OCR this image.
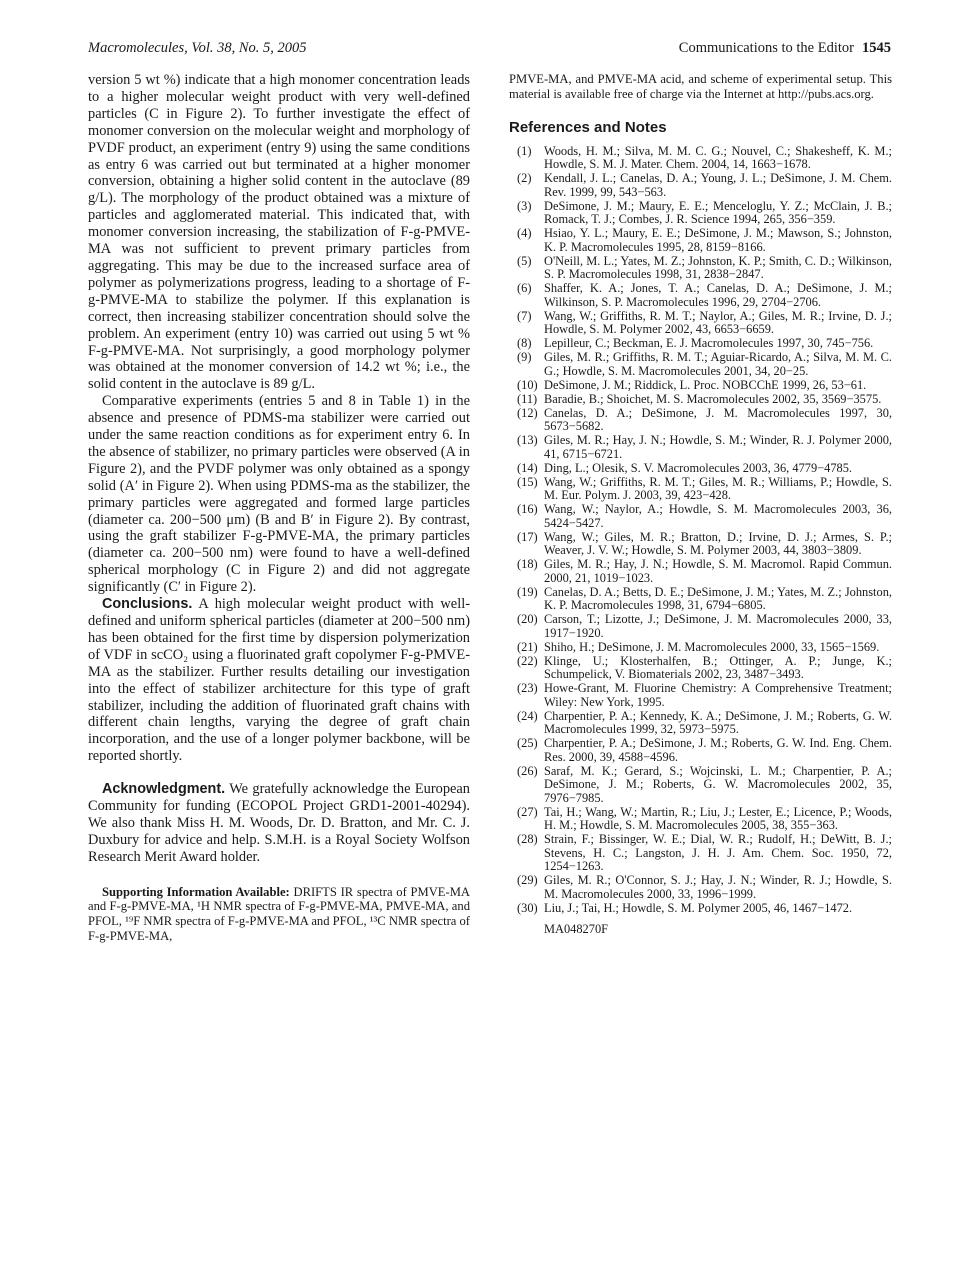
Macromolecules, Vol. 38, No. 5, 2005	Communications to the Editor 1545

version 5 wt %) indicate that a high monomer concentration leads to a higher molecular weight product with very well-defined particles (C in Figure 2). To further investigate the effect of monomer conversion on the molecular weight and morphology of PVDF product, an experiment (entry 9) using the same conditions as entry 6 was carried out but terminated at a higher monomer conversion, obtaining a higher solid content in the autoclave (89 g/L). The morphology of the product obtained was a mixture of particles and agglomerated material. This indicated that, with monomer conversion increasing, the stabilization of F-g-PMVE-MA was not sufficient to prevent primary particles from aggregating. This may be due to the increased surface area of polymer as polymerizations progress, leading to a shortage of F-g-PMVE-MA to stabilize the polymer. If this explanation is correct, then increasing stabilizer concentration should solve the problem. An experiment (entry 10) was carried out using 5 wt % F-g-PMVE-MA. Not surprisingly, a good morphology polymer was obtained at the monomer conversion of 14.2 wt %; i.e., the solid content in the autoclave is 89 g/L.

Comparative experiments (entries 5 and 8 in Table 1) in the absence and presence of PDMS-ma stabilizer were carried out under the same reaction conditions as for experiment entry 6. In the absence of stabilizer, no primary particles were observed (A in Figure 2), and the PVDF polymer was only obtained as a spongy solid (A′ in Figure 2). When using PDMS-ma as the stabilizer, the primary particles were aggregated and formed large particles (diameter ca. 200−500 μm) (B and B′ in Figure 2). By contrast, using the graft stabilizer F-g-PMVE-MA, the primary particles (diameter ca. 200−500 nm) were found to have a well-defined spherical morphology (C in Figure 2) and did not aggregate significantly (C′ in Figure 2).

Conclusions. A high molecular weight product with well-defined and uniform spherical particles (diameter at 200−500 nm) has been obtained for the first time by dispersion polymerization of VDF in scCO₂ using a fluorinated graft copolymer F-g-PMVE-MA as the stabilizer. Further results detailing our investigation into the effect of stabilizer architecture for this type of graft stabilizer, including the addition of fluorinated graft chains with different chain lengths, varying the degree of graft chain incorporation, and the use of a longer polymer backbone, will be reported shortly.

Acknowledgment. We gratefully acknowledge the European Community for funding (ECOPOL Project GRD1-2001-40294). We also thank Miss H. M. Woods, Dr. D. Bratton, and Mr. C. J. Duxbury for advice and help. S.M.H. is a Royal Society Wolfson Research Merit Award holder.

Supporting Information Available: DRIFTS IR spectra of PMVE-MA and F-g-PMVE-MA, ¹H NMR spectra of F-g-PMVE-MA, PMVE-MA, and PFOL, ¹⁹F NMR spectra of F-g-PMVE-MA and PFOL, ¹³C NMR spectra of F-g-PMVE-MA,

PMVE-MA, and PMVE-MA acid, and scheme of experimental setup. This material is available free of charge via the Internet at http://pubs.acs.org.

References and Notes
(1) Woods, H. M.; Silva, M. M. C. G.; Nouvel, C.; Shakesheff, K. M.; Howdle, S. M. J. Mater. Chem. 2004, 14, 1663−1678.
(2) Kendall, J. L.; Canelas, D. A.; Young, J. L.; DeSimone, J. M. Chem. Rev. 1999, 99, 543−563.
(3) DeSimone, J. M.; Maury, E. E.; Menceloglu, Y. Z.; McClain, J. B.; Romack, T. J.; Combes, J. R. Science 1994, 265, 356−359.
(4) Hsiao, Y. L.; Maury, E. E.; DeSimone, J. M.; Mawson, S.; Johnston, K. P. Macromolecules 1995, 28, 8159−8166.
(5) O'Neill, M. L.; Yates, M. Z.; Johnston, K. P.; Smith, C. D.; Wilkinson, S. P. Macromolecules 1998, 31, 2838−2847.
(6) Shaffer, K. A.; Jones, T. A.; Canelas, D. A.; DeSimone, J. M.; Wilkinson, S. P. Macromolecules 1996, 29, 2704−2706.
(7) Wang, W.; Griffiths, R. M. T.; Naylor, A.; Giles, M. R.; Irvine, D. J.; Howdle, S. M. Polymer 2002, 43, 6653−6659.
(8) Lepilleur, C.; Beckman, E. J. Macromolecules 1997, 30, 745−756.
(9) Giles, M. R.; Griffiths, R. M. T.; Aguiar-Ricardo, A.; Silva, M. M. C. G.; Howdle, S. M. Macromolecules 2001, 34, 20−25.
(10) DeSimone, J. M.; Riddick, L. Proc. NOBCChE 1999, 26, 53−61.
(11) Baradie, B.; Shoichet, M. S. Macromolecules 2002, 35, 3569−3575.
(12) Canelas, D. A.; DeSimone, J. M. Macromolecules 1997, 30, 5673−5682.
(13) Giles, M. R.; Hay, J. N.; Howdle, S. M.; Winder, R. J. Polymer 2000, 41, 6715−6721.
(14) Ding, L.; Olesik, S. V. Macromolecules 2003, 36, 4779−4785.
(15) Wang, W.; Griffiths, R. M. T.; Giles, M. R.; Williams, P.; Howdle, S. M. Eur. Polym. J. 2003, 39, 423−428.
(16) Wang, W.; Naylor, A.; Howdle, S. M. Macromolecules 2003, 36, 5424−5427.
(17) Wang, W.; Giles, M. R.; Bratton, D.; Irvine, D. J.; Armes, S. P.; Weaver, J. V. W.; Howdle, S. M. Polymer 2003, 44, 3803−3809.
(18) Giles, M. R.; Hay, J. N.; Howdle, S. M. Macromol. Rapid Commun. 2000, 21, 1019−1023.
(19) Canelas, D. A.; Betts, D. E.; DeSimone, J. M.; Yates, M. Z.; Johnston, K. P. Macromolecules 1998, 31, 6794−6805.
(20) Carson, T.; Lizotte, J.; DeSimone, J. M. Macromolecules 2000, 33, 1917−1920.
(21) Shiho, H.; DeSimone, J. M. Macromolecules 2000, 33, 1565−1569.
(22) Klinge, U.; Klosterhalfen, B.; Ottinger, A. P.; Junge, K.; Schumpelick, V. Biomaterials 2002, 23, 3487−3493.
(23) Howe-Grant, M. Fluorine Chemistry: A Comprehensive Treatment; Wiley: New York, 1995.
(24) Charpentier, P. A.; Kennedy, K. A.; DeSimone, J. M.; Roberts, G. W. Macromolecules 1999, 32, 5973−5975.
(25) Charpentier, P. A.; DeSimone, J. M.; Roberts, G. W. Ind. Eng. Chem. Res. 2000, 39, 4588−4596.
(26) Saraf, M. K.; Gerard, S.; Wojcinski, L. M.; Charpentier, P. A.; DeSimone, J. M.; Roberts, G. W. Macromolecules 2002, 35, 7976−7985.
(27) Tai, H.; Wang, W.; Martin, R.; Liu, J.; Lester, E.; Licence, P.; Woods, H. M.; Howdle, S. M. Macromolecules 2005, 38, 355−363.
(28) Strain, F.; Bissinger, W. E.; Dial, W. R.; Rudolf, H.; DeWitt, B. J.; Stevens, H. C.; Langston, J. H. J. Am. Chem. Soc. 1950, 72, 1254−1263.
(29) Giles, M. R.; O'Connor, S. J.; Hay, J. N.; Winder, R. J.; Howdle, S. M. Macromolecules 2000, 33, 1996−1999.
(30) Liu, J.; Tai, H.; Howdle, S. M. Polymer 2005, 46, 1467−1472.
MA048270F
